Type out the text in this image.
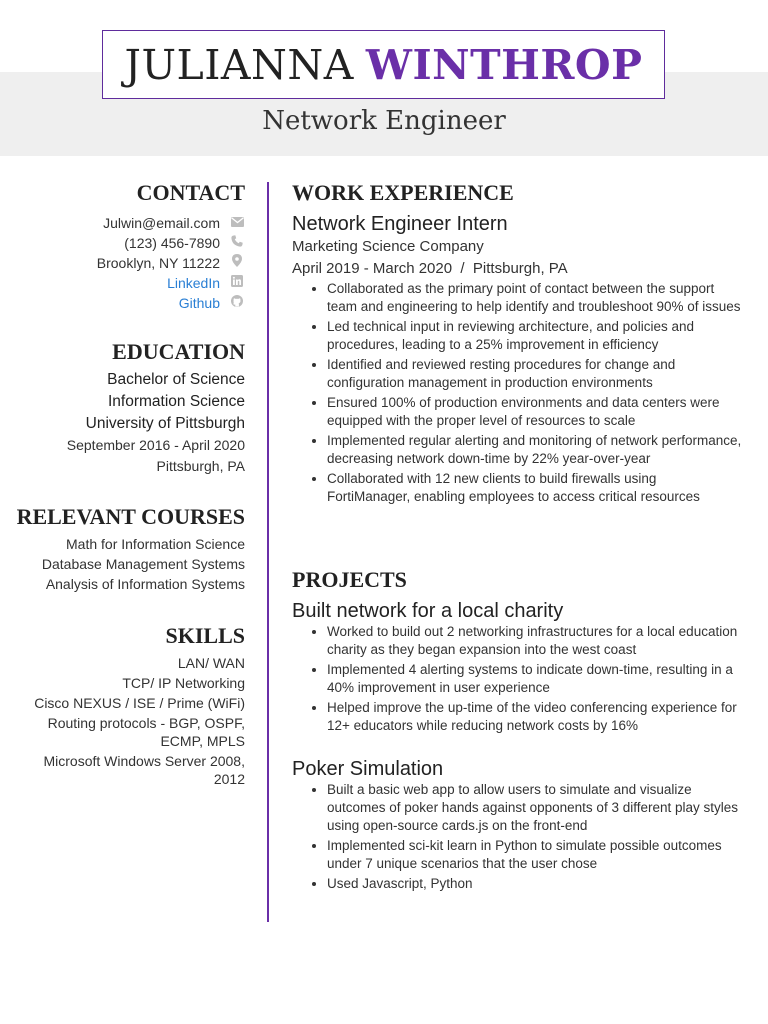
JULIANNA WINTHROP
Network Engineer
CONTACT
Julwin@email.com
(123) 456-7890
Brooklyn, NY 11222
LinkedIn
Github
EDUCATION
Bachelor of Science
Information Science
University of Pittsburgh
September 2016 - April 2020
Pittsburgh, PA
RELEVANT COURSES
Math for Information Science
Database Management Systems
Analysis of Information Systems
SKILLS
LAN/ WAN
TCP/ IP Networking
Cisco NEXUS / ISE / Prime (WiFi)
Routing protocols - BGP, OSPF, ECMP, MPLS
Microsoft Windows Server 2008, 2012
WORK EXPERIENCE
Network Engineer Intern
Marketing Science Company
April 2019 - March 2020  /  Pittsburgh, PA
• Collaborated as the primary point of contact between the support team and engineering to help identify and troubleshoot 90% of issues
• Led technical input in reviewing architecture, and policies and procedures, leading to a 25% improvement in efficiency
• Identified and reviewed resting procedures for change and configuration management in production environments
• Ensured 100% of production environments and data centers were equipped with the proper level of resources to scale
• Implemented regular alerting and monitoring of network performance, decreasing network down-time by 22% year-over-year
• Collaborated with 12 new clients to build firewalls using FortiManager, enabling employees to access critical resources
PROJECTS
Built network for a local charity
• Worked to build out 2 networking infrastructures for a local education charity as they began expansion into the west coast
• Implemented 4 alerting systems to indicate down-time, resulting in a 40% improvement in user experience
• Helped improve the up-time of the video conferencing experience for 12+ educators while reducing network costs by 16%
Poker Simulation
• Built a basic web app to allow users to simulate and visualize outcomes of poker hands against opponents of 3 different play styles using open-source cards.js on the front-end
• Implemented sci-kit learn in Python to simulate possible outcomes under 7 unique scenarios that the user chose
• Used Javascript, Python
